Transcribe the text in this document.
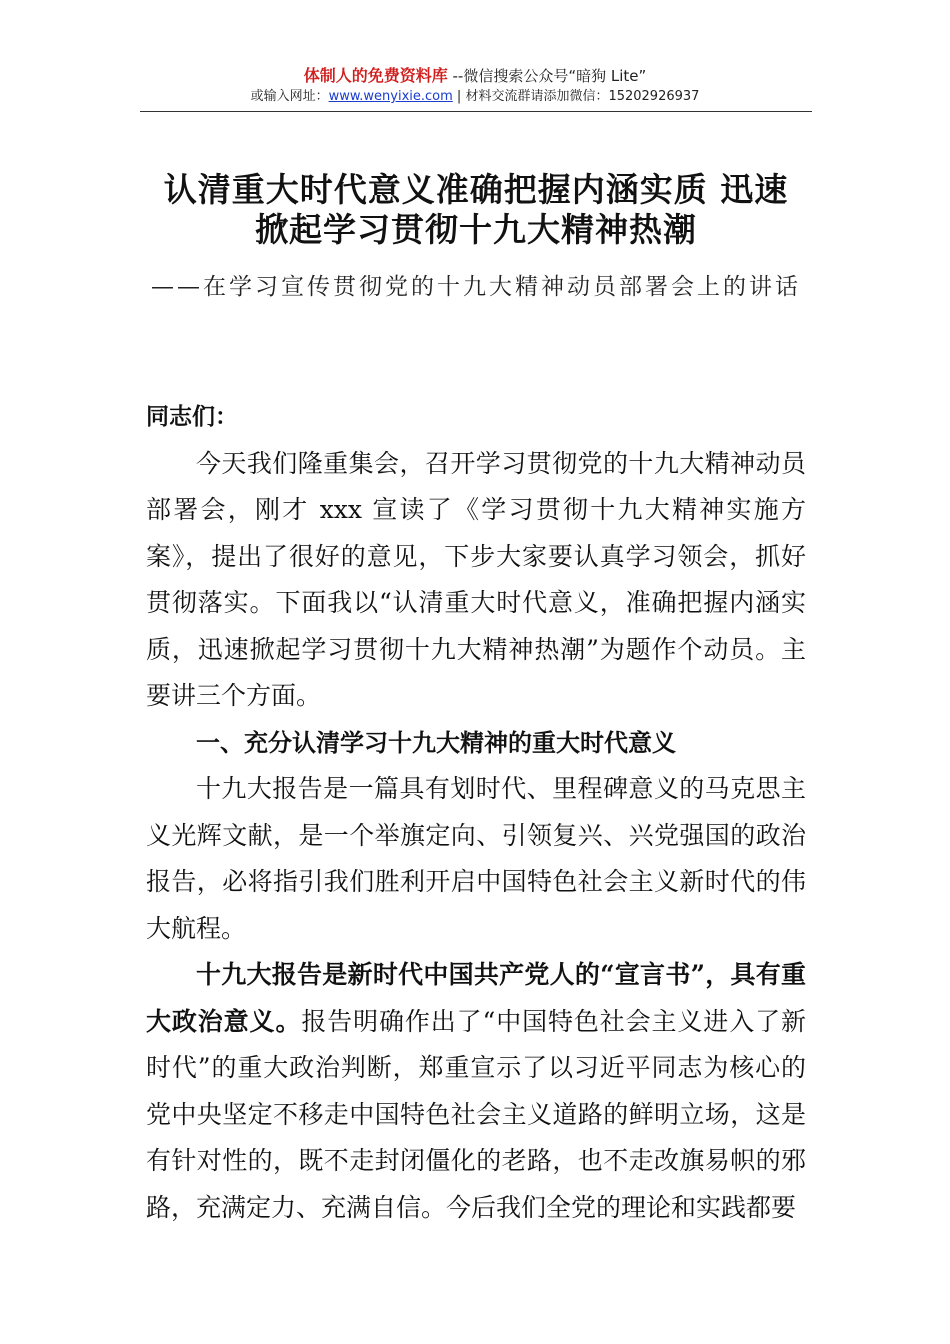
体制人的免费资料库 --微信搜索公众号“暗狗 Lite”
或输入网址：www.wenyixie.com | 材料交流群请添加微信：15202926937
认清重大时代意义准确把握内涵实质 迅速
掀起学习贯彻十九大精神热潮
——在学习宣传贯彻党的十九大精神动员部署会上的讲话

同志们：

今天我们隆重集会，召开学习贯彻党的十九大精神动员部署会，刚才 xxx 宣读了《学习贯彻十九大精神实施方案》，提出了很好的意见，下步大家要认真学习领会，抓好贯彻落实。下面我以“认清重大时代意义，准确把握内涵实质，迅速掀起学习贯彻十九大精神热潮”为题作个动员。主要讲三个方面。

一、充分认清学习十九大精神的重大时代意义

十九大报告是一篇具有划时代、里程碑意义的马克思主义光辉文献，是一个举旗定向、引领复兴、兴党强国的政治报告，必将指引我们胜利开启中国特色社会主义新时代的伟大航程。

十九大报告是新时代中国共产党人的“宣言书”，具有重大政治意义。报告明确作出了“中国特色社会主义进入了新时代”的重大政治判断，郑重宣示了以习近平同志为核心的党中央坚定不移走中国特色社会主义道路的鲜明立场，这是有针对性的，既不走封闭僵化的老路，也不走改旗易帜的邪路，充满定力、充满自信。今后我们全党的理论和实践都要
